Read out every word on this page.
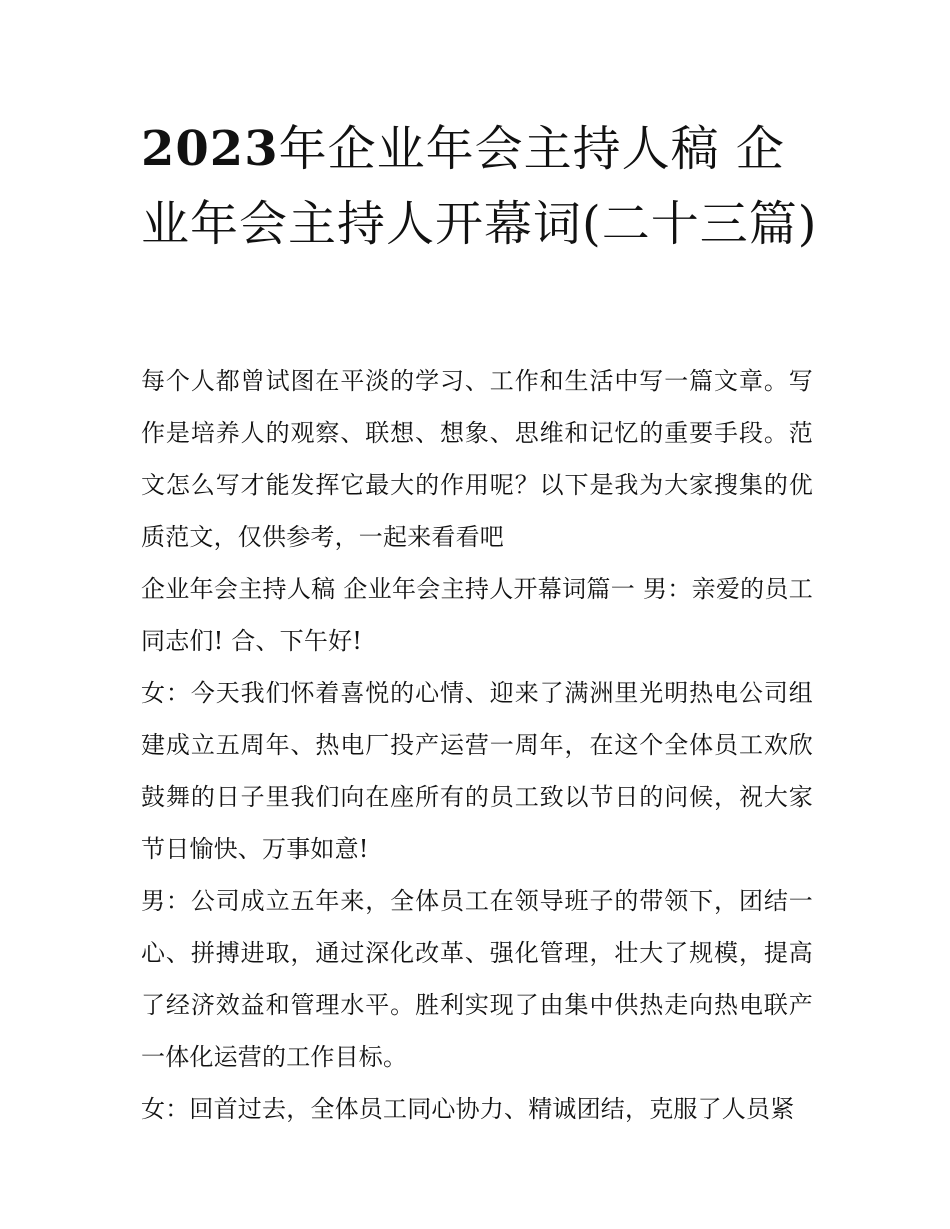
2023年企业年会主持人稿 企业年会主持人开幕词(二十三篇)

每个人都曾试图在平淡的学习、工作和生活中写一篇文章。写作是培养人的观察、联想、想象、思维和记忆的重要手段。范文怎么写才能发挥它最大的作用呢？以下是我为大家搜集的优质范文，仅供参考，一起来看看吧

企业年会主持人稿 企业年会主持人开幕词篇一 男：亲爱的员工同志们! 合、下午好!

女：今天我们怀着喜悦的心情、迎来了满洲里光明热电公司组建成立五周年、热电厂投产运营一周年，在这个全体员工欢欣鼓舞的日子里我们向在座所有的员工致以节日的问候，祝大家节日愉快、万事如意!

男：公司成立五年来，全体员工在领导班子的带领下，团结一心、拼搏进取，通过深化改革、强化管理，壮大了规模，提高了经济效益和管理水平。胜利实现了由集中供热走向热电联产一体化运营的工作目标。

女：回首过去，全体员工同心协力、精诚团结，克服了人员紧
